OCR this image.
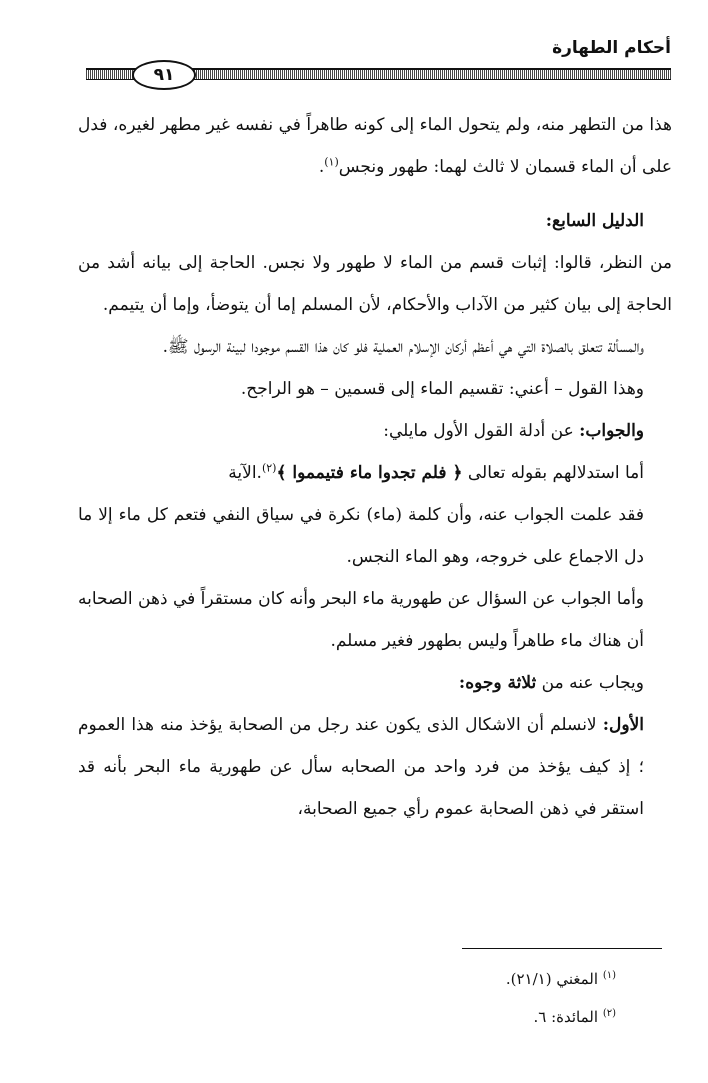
أحكام الطهارة
٩١

هذا من التطهر منه، ولم يتحول الماء إلى كونه طاهراً في نفسه غير مطهر لغيره، فدل على أن الماء قسمان لا ثالث لهما: طهور ونجس$^{(١)}$.

الدليل السابع:

من النظر، قالوا: إثبات قسم من الماء لا طهور ولا نجس. الحاجة إلى بيانه أشد من الحاجة إلى بيان كثير من الآداب والأحكام، لأن المسلم إما أن يتوضأ، وإما أن يتيمم.

والمسألة تتعلق بالصلاة التي هي أعظم أركان الإسلام العملية فلو كان هذا القسم موجودا لبينة الرسول ﷺ.

وهذا القول – أعني: تقسيم الماء إلى قسمين – هو الراجح.

والجواب: عن أدلة القول الأول مايلي:

أما استدلالهم بقوله تعالى ﴿ فلم تجدوا ماء فتيمموا ﴾$^{(٢)}$.الآية

فقد علمت الجواب عنه، وأن كلمة (ماء) نكرة في سياق النفي فتعم كل ماء إلا ما دل الاجماع على خروجه، وهو الماء النجس.

وأما الجواب عن السؤال عن طهورية ماء البحر وأنه كان مستقراً في ذهن الصحابه أن هناك ماء طاهراً وليس بطهور فغير مسلم.

ويجاب عنه من ثلاثة وجوه:

الأول: لانسلم أن الاشكال الذى يكون عند رجل من الصحابة يؤخذ منه هذا العموم ؛ إذ كيف يؤخذ من فرد واحد من الصحابه سأل عن طهورية ماء البحر بأنه قد استقر في ذهن الصحابة عموم رأي جميع الصحابة،

$^{(١)}$ المغني (٢١/١).

$^{(٢)}$ المائدة: ٦.
